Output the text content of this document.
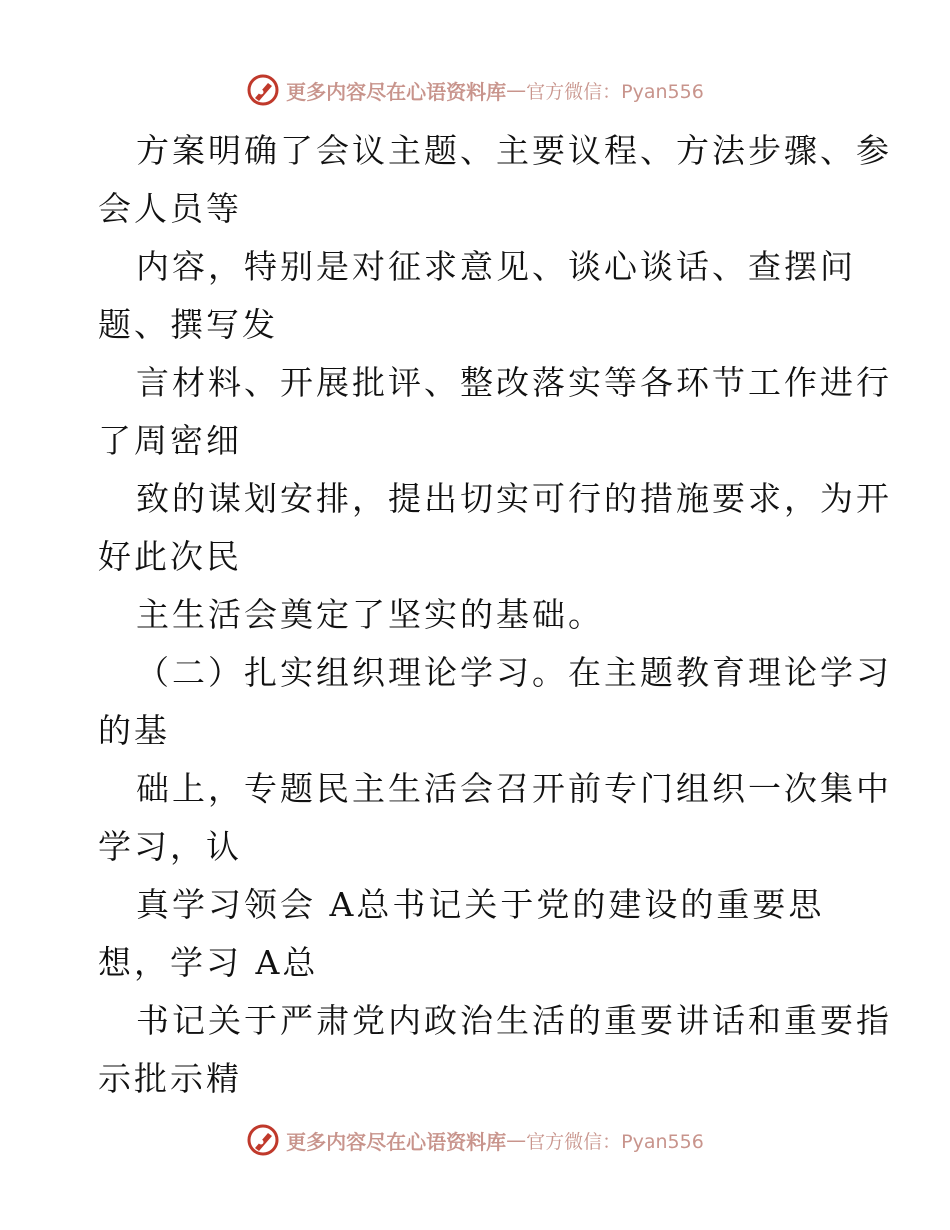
更多内容尽在心语资料库 — 官方微信：Pyan556
方案明确了会议主题、主要议程、方法步骤、参
会人员等
内容，特别是对征求意见、谈心谈话、查摆问
题、撰写发
言材料、开展批评、整改落实等各环节工作进行
了周密细
致的谋划安排，提出切实可行的措施要求，为开
好此次民
主生活会奠定了坚实的基础。
（二）扎实组织理论学习。在主题教育理论学习
的基
础上，专题民主生活会召开前专门组织一次集中
学习，认
真学习领会 A总书记关于党的建设的重要思
想，学习 A总
书记关于严肃党内政治生活的重要讲话和重要指
示批示精
更多内容尽在心语资料库 — 官方微信：Pyan556
